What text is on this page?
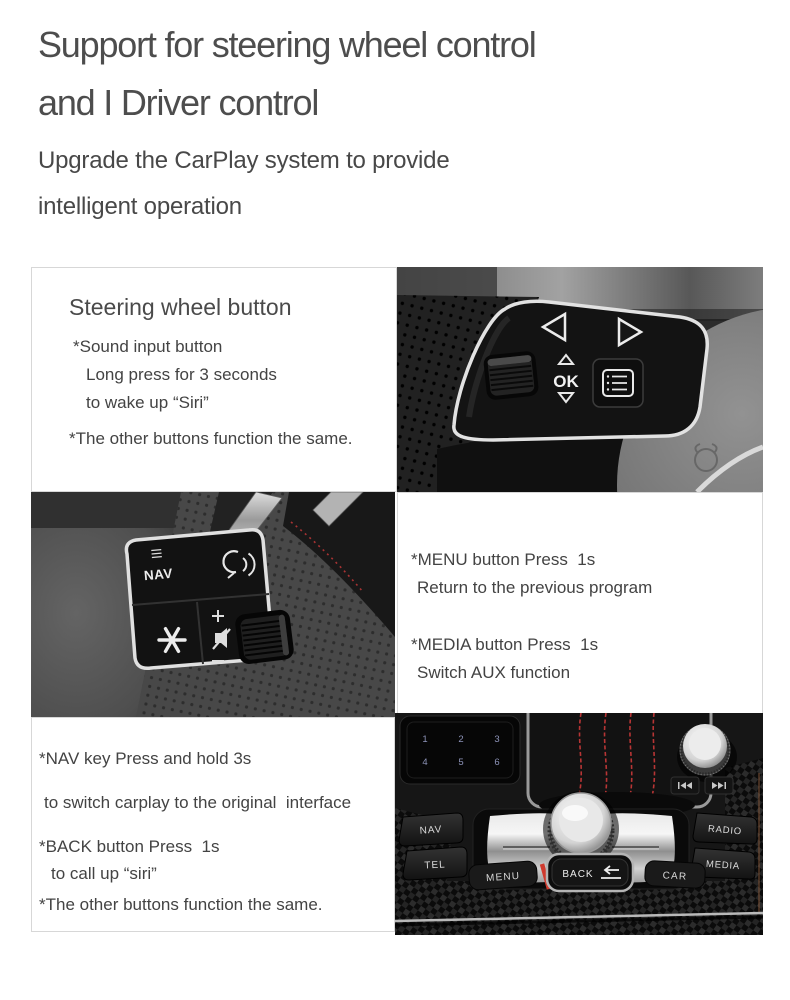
Support for steering wheel control
and I Driver control
Upgrade the CarPlay system to provide
intelligent operation
Steering wheel button
*Sound input button
Long press for 3 seconds
to wake up “Siri”
*The other buttons function the same.
OK
NAV
*MENU button Press  1s
Return to the previous program
*MEDIA button Press  1s
Switch AUX function
*NAV key Press and hold 3s
to switch carplay to the original  interface
*BACK button Press  1s
to call up “siri”
*The other buttons function the same.
1	2	3
4	5	6
NAV
TEL
RADIO
MEDIA
MENU	BACK	CAR
